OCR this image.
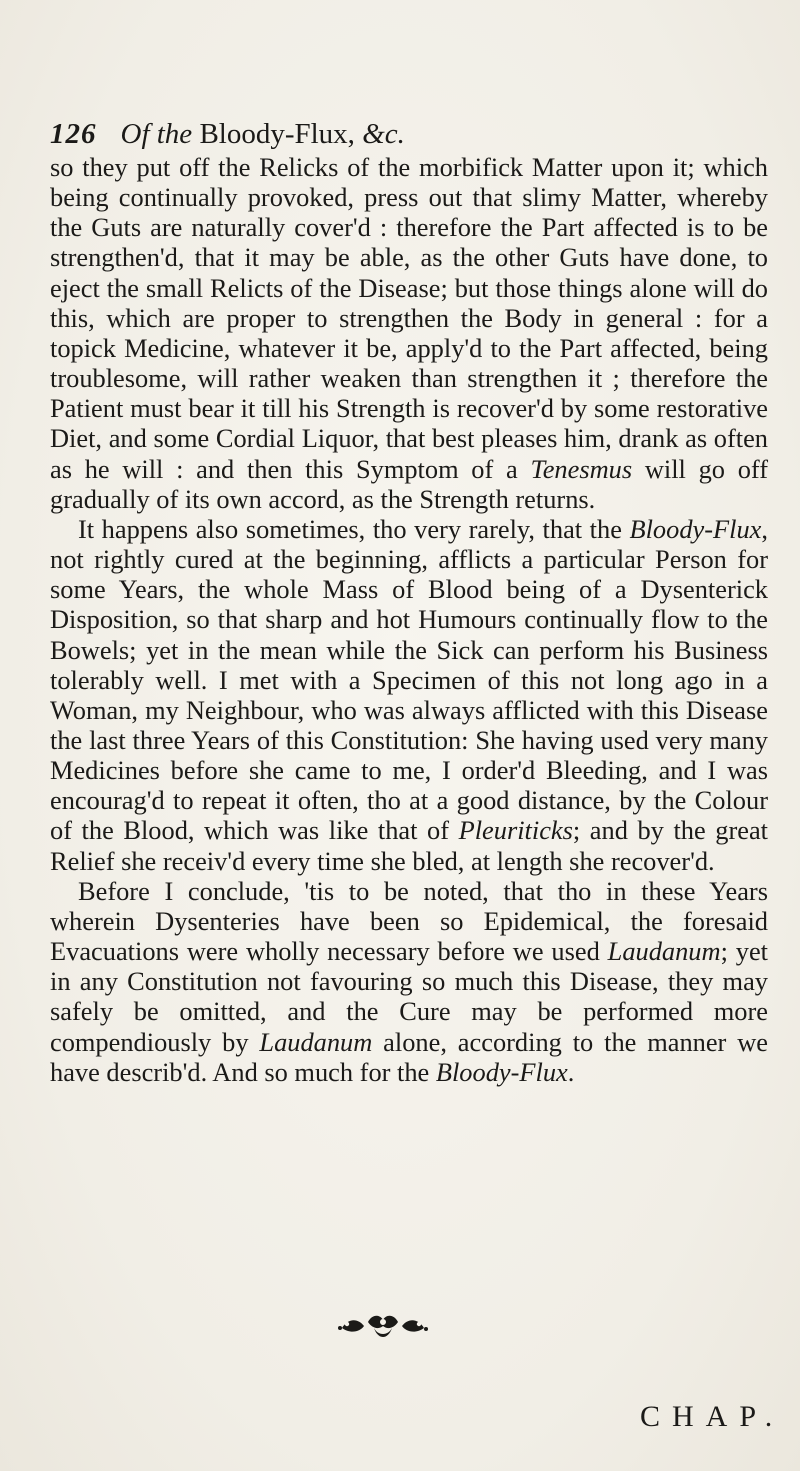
126 Of the Bloody-Flux, &c.

so they put off the Relicks of the morbifick Matter upon it; which being continually provoked, press out that slimy Matter, whereby the Guts are naturally cover'd : therefore the Part affected is to be strengthen'd, that it may be able, as the other Guts have done, to eject the small Relicts of the Disease; but those things alone will do this, which are proper to strengthen the Body in general : for a topick Medicine, whatever it be, apply'd to the Part affected, being troublesome, will rather weaken than strengthen it ; therefore the Patient must bear it till his Strength is recover'd by some restorative Diet, and some Cordial Liquor, that best pleases him, drank as often as he will : and then this Symptom of a Tenesmus will go off gradually of its own accord, as the Strength returns.

It happens also sometimes, tho very rarely, that the Bloody-Flux, not rightly cured at the beginning, afflicts a particular Person for some Years, the whole Mass of Blood being of a Dysenterick Disposition, so that sharp and hot Humours continually flow to the Bowels; yet in the mean while the Sick can perform his Business tolerably well. I met with a Specimen of this not long ago in a Woman, my Neighbour, who was always afflicted with this Disease the last three Years of this Constitution: She having used very many Medicines before she came to me, I order'd Bleeding, and I was encourag'd to repeat it often, tho at a good distance, by the Colour of the Blood, which was like that of Pleuriticks; and by the great Relief she receiv'd every time she bled, at length she recover'd.

Before I conclude, 'tis to be noted, that tho in these Years wherein Dysenteries have been so Epidemical, the foresaid Evacuations were wholly necessary before we used Laudanum; yet in any Constitution not favouring so much this Disease, they may safely be omitted, and the Cure may be performed more compendiously by Laudanum alone, according to the manner we have describ'd. And so much for the Bloody-Flux.

CHAP.
